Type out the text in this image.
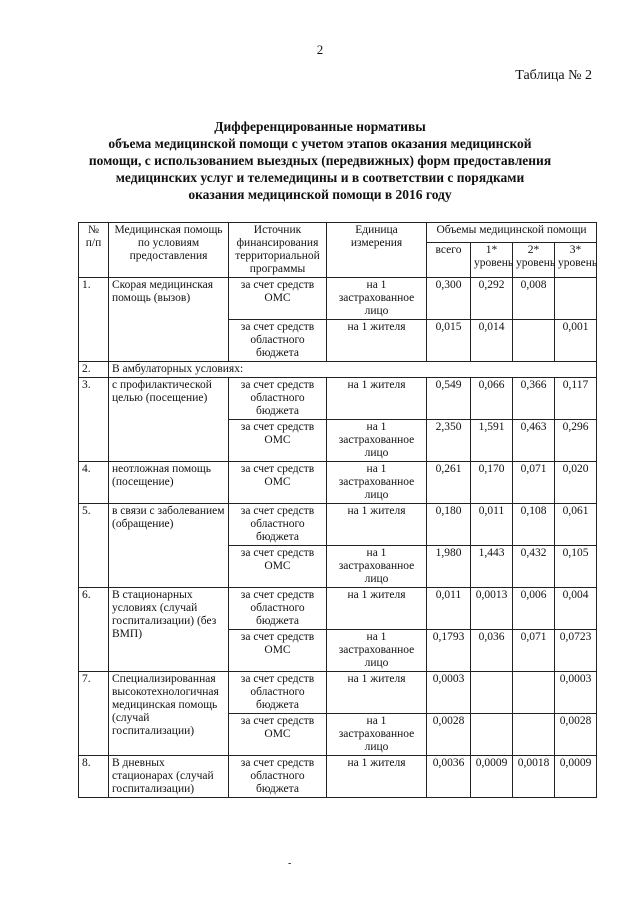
2
Таблица № 2
Дифференцированные нормативы
объема медицинской помощи с учетом этапов оказания медицинской
помощи, с использованием выездных (передвижных) форм предоставления
медицинских услуг и телемедицины и в соответствии с порядками
оказания медицинской помощи в 2016 году
№ п/п	Медицинская помощь по условиям предоставления	Источник финансирования территориальной программы	Единица измерения	Объемы медицинской помощи			
				всего	1* уровень	2* уровень	3* уровень
1.	Скорая медицинская помощь (вызов)	за счет средств ОМС	на 1 застрахованное лицо	0,300	0,292	0,008	
		за счет средств областного бюджета	на 1 жителя	0,015	0,014		0,001
2.	В амбулаторных условиях:						
3.	с профилактической целью (посещение)	за счет средств областного бюджета	на 1 жителя	0,549	0,066	0,366	0,117
		за счет средств ОМС	на 1 застрахованное лицо	2,350	1,591	0,463	0,296
4.	неотложная помощь (посещение)	за счет средств ОМС	на 1 застрахованное лицо	0,261	0,170	0,071	0,020
5.	в связи с заболеванием (обращение)	за счет средств областного бюджета	на 1 жителя	0,180	0,011	0,108	0,061
		за счет средств ОМС	на 1 застрахованное лицо	1,980	1,443	0,432	0,105
6.	В стационарных условиях (случай госпитализации) (без ВМП)	за счет средств областного бюджета	на 1 жителя	0,011	0,0013	0,006	0,004
		за счет средств ОМС	на 1 застрахованное лицо	0,1793	0,036	0,071	0,0723
7.	Специализированная высокотехнологичная медицинская помощь (случай госпитализации)	за счет средств областного бюджета	на 1 жителя	0,0003			0,0003
		за счет средств ОМС	на 1 застрахованное лицо	0,0028			0,0028
8.	В дневных стационарах (случай госпитализации)	за счет средств областного бюджета	на 1 жителя	0,0036	0,0009	0,0018	0,0009
-
